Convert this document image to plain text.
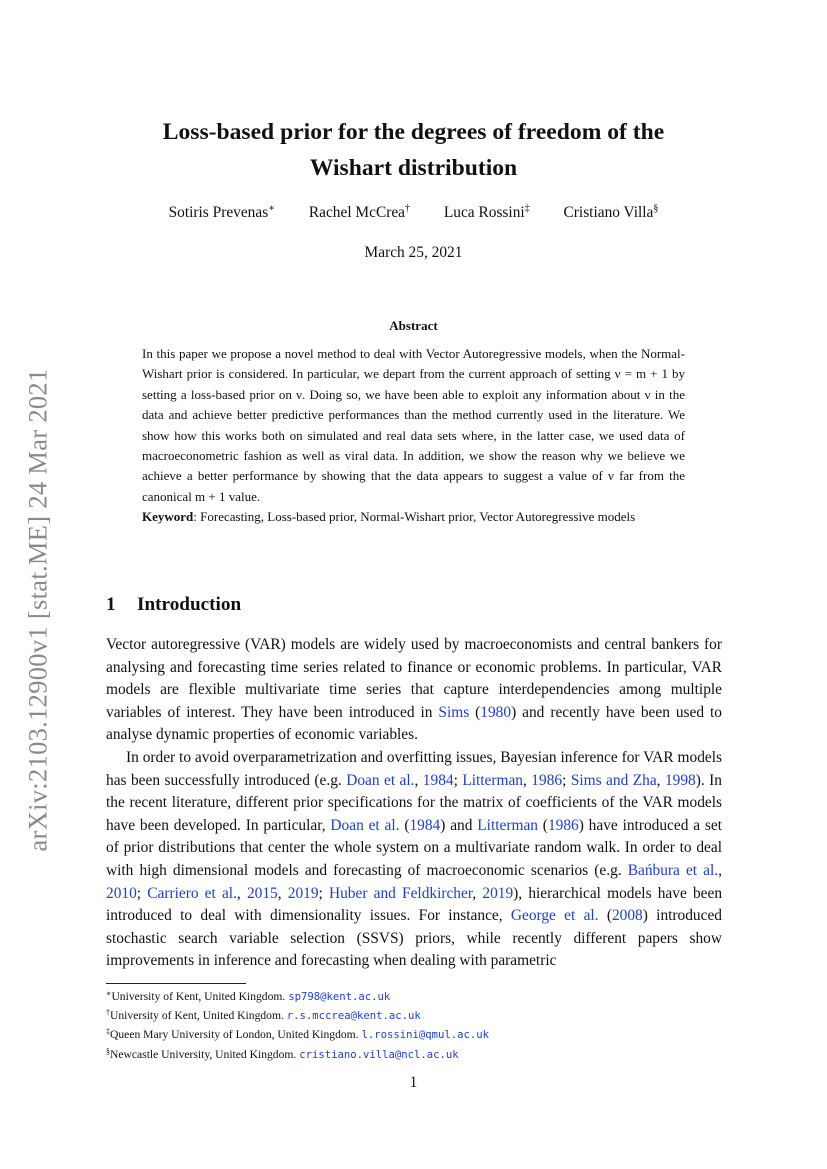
arXiv:2103.12900v1 [stat.ME] 24 Mar 2021
Loss-based prior for the degrees of freedom of the
Wishart distribution
Sotiris Prevenas∗ Rachel McCrea† Luca Rossini‡ Cristiano Villa§
March 25, 2021
Abstract

In this paper we propose a novel method to deal with Vector Autoregressive models, when the Normal-Wishart prior is considered. In particular, we depart from the current approach of setting ν = m + 1 by setting a loss-based prior on ν. Doing so, we have been able to exploit any information about ν in the data and achieve better predictive performances than the method currently used in the literature. We show how this works both on simulated and real data sets where, in the latter case, we used data of macroeconometric fashion as well as viral data. In addition, we show the reason why we believe we achieve a better performance by showing that the data appears to suggest a value of ν far from the canonical m + 1 value.

Keyword: Forecasting, Loss-based prior, Normal-Wishart prior, Vector Autoregressive models

1 Introduction

Vector autoregressive (VAR) models are widely used by macroeconomists and central bankers for analysing and forecasting time series related to finance or economic problems. In particular, VAR models are flexible multivariate time series that capture interdependencies among multiple variables of interest. They have been introduced in Sims (1980) and recently have been used to analyse dynamic properties of economic variables.

In order to avoid overparametrization and overfitting issues, Bayesian inference for VAR models has been successfully introduced (e.g. Doan et al., 1984; Litterman, 1986; Sims and Zha, 1998). In the recent literature, different prior specifications for the matrix of coefficients of the VAR models have been developed. In particular, Doan et al. (1984) and Litterman (1986) have introduced a set of prior distributions that center the whole system on a multivariate random walk. In order to deal with high dimensional models and forecasting of macroeconomic scenarios (e.g. Bańbura et al., 2010; Carriero et al., 2015, 2019; Huber and Feldkircher, 2019), hierarchical models have been introduced to deal with dimensionality issues. For instance, George et al. (2008) introduced stochastic search variable selection (SSVS) priors, while recently different papers show improvements in inference and forecasting when dealing with parametric

∗University of Kent, United Kingdom. sp798@kent.ac.uk
†University of Kent, United Kingdom. r.s.mccrea@kent.ac.uk
‡Queen Mary University of London, United Kingdom. l.rossini@qmul.ac.uk
§Newcastle University, United Kingdom. cristiano.villa@ncl.ac.uk
1
